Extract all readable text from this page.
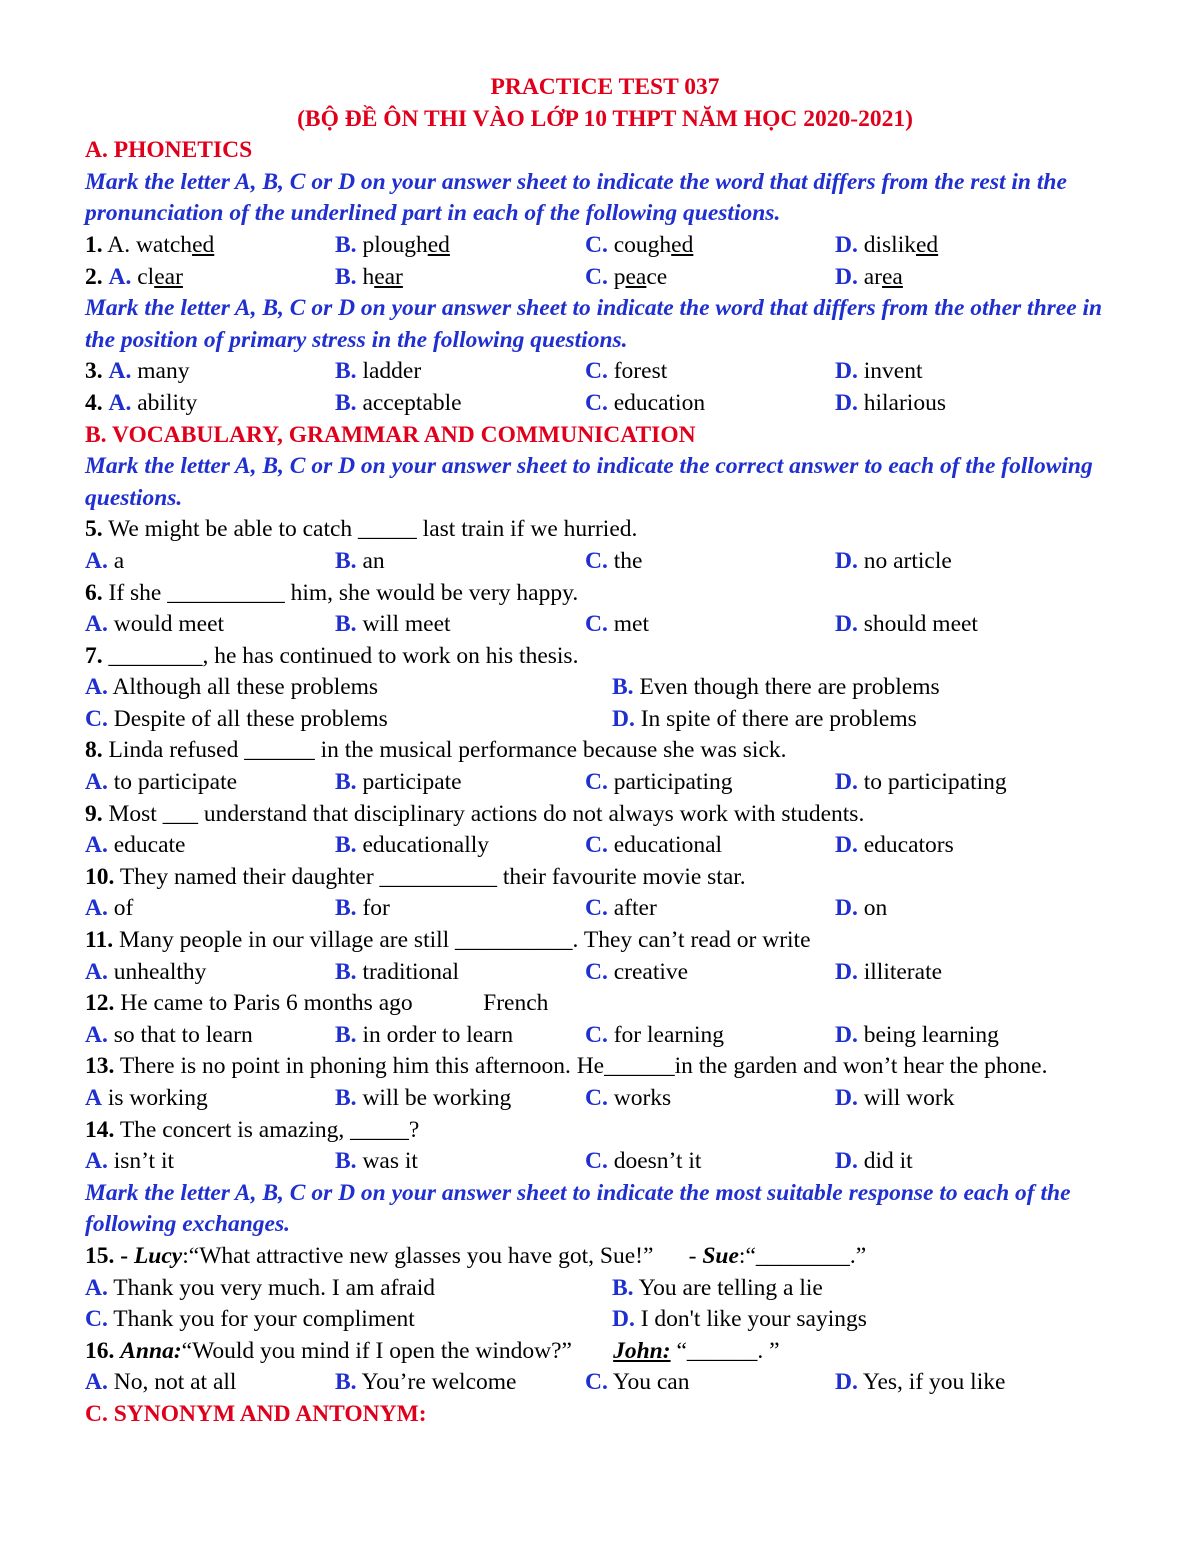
PRACTICE TEST 037
(BỘ ĐỀ ÔN THI VÀO LỚP 10 THPT NĂM HỌC 2020-2021)
A. PHONETICS
Mark the letter A, B, C or D on your answer sheet to indicate the word that differs from the rest in the pronunciation of the underlined part in each of the following questions.
1. A. watched	B. ploughed	C. coughed	D. disliked
2. A. clear	B. hear	C. peace	D. area
Mark the letter A, B, C or D on your answer sheet to indicate the word that differs from the other three in the position of primary stress in the following questions.
3. A. many	B. ladder	C. forest	D. invent
4. A. ability	B. acceptable	C. education	D. hilarious
B. VOCABULARY, GRAMMAR AND COMMUNICATION
Mark the letter A, B, C or D on your answer sheet to indicate the correct answer to each of the following questions.
5. We might be able to catch _____ last train if we hurried.
A. a	B. an	C. the	D. no article
6. If she __________ him, she would be very happy.
A. would meet	B. will meet	C. met	D. should meet
7. ________, he has continued to work on his thesis.
A. Although all these problems	B. Even though there are problems
C. Despite of all these problems	D. In spite of there are problems
8. Linda refused ______ in the musical performance because she was sick.
A. to participate	B. participate	C. participating	D. to participating
9. Most ___ understand that disciplinary actions do not always work with students.
A. educate	B. educationally	C. educational	D. educators
10. They named their daughter __________ their favourite movie star.
A. of	B. for	C. after	D. on
11. Many people in our village are still __________. They can’t read or write
A. unhealthy	B. traditional	C. creative	D. illiterate
12. He came to Paris 6 months ago            French
A. so that to learn	B. in order to learn	C. for learning	D. being learning
13. There is no point in phoning him this afternoon. He______in the garden and won’t hear the phone.
A is working	B. will be working	C. works	D. will work
14. The concert is amazing, _____?
A. isn’t it	B. was it	C. doesn’t it	D. did it
Mark the letter A, B, C or D on your answer sheet to indicate the most suitable response to each of the following exchanges.
15. - Lucy:“What attractive new glasses you have got, Sue!”      - Sue:“________.”
A. Thank you very much. I am afraid	B. You are telling a lie
C. Thank you for your compliment	D. I don't like your sayings
16. Anna:“Would you mind if I open the window?”       John: “______. ”
A. No, not at all	B. You’re welcome	C. You can	D. Yes, if you like
C. SYNONYM AND ANTONYM:
